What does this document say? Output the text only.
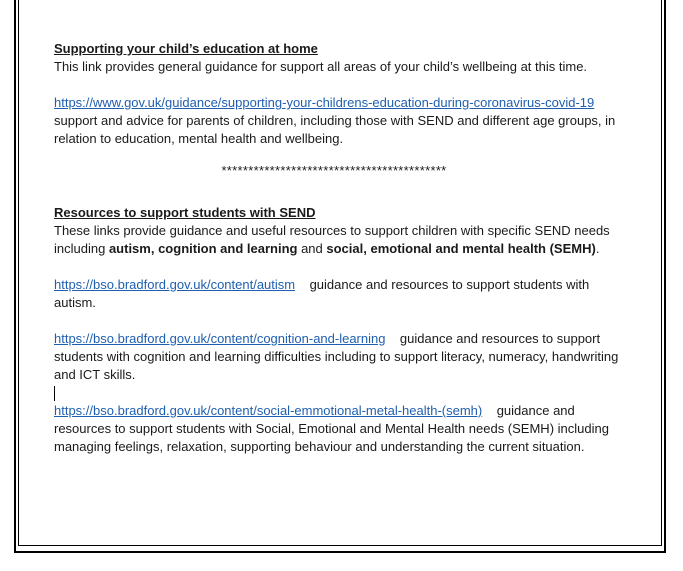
Supporting your child’s education at home
This link provides general guidance for support all areas of your child’s wellbeing at this time.
https://www.gov.uk/guidance/supporting-your-childrens-education-during-coronavirus-covid-19 support and advice for parents of children, including those with SEND and different age groups, in relation to education, mental health and wellbeing.
******************************************
Resources to support students with SEND
These links provide guidance and useful resources to support children with specific SEND needs including autism, cognition and learning and social, emotional and mental health (SEMH).
https://bso.bradford.gov.uk/content/autism guidance and resources to support students with autism.
https://bso.bradford.gov.uk/content/cognition-and-learning guidance and resources to support students with cognition and learning difficulties including to support literacy, numeracy, handwriting and ICT skills.
https://bso.bradford.gov.uk/content/social-emmotional-metal-health-(semh) guidance and resources to support students with Social, Emotional and Mental Health needs (SEMH) including managing feelings, relaxation, supporting behaviour and understanding the current situation.
